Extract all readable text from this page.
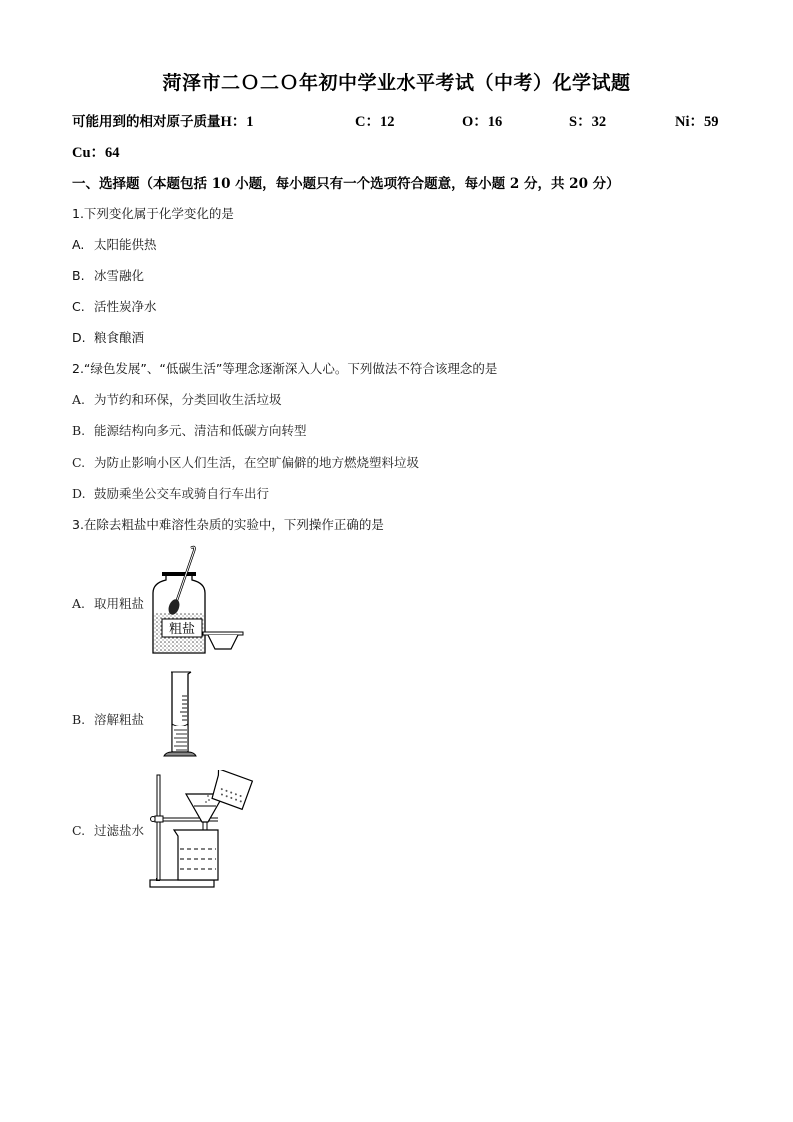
菏泽市二Ｏ二Ｏ年初中学业水平考试（中考）化学试题
可能用到的相对原子质量H：1	C：12	O：16	S：32	Ni：59
Cu：64
一、选择题（本题包括 10 小题，每小题只有一个选项符合题意，每小题 2 分，共 20 分）
1.下列变化属于化学变化的是
A. 太阳能供热
B. 冰雪融化
C. 活性炭净水
D. 粮食酿酒
2.“绿色发展”、“低碳生活”等理念逐渐深入人心。下列做法不符合该理念的是
A. 为节约和环保，分类回收生活垃圾
B. 能源结构向多元、清洁和低碳方向转型
C. 为防止影响小区人们生活，在空旷偏僻的地方燃烧塑料垃圾
D. 鼓励乘坐公交车或骑自行车出行
3.在除去粗盐中难溶性杂质的实验中，下列操作正确的是
A. 取用粗盐
粗盐
B. 溶解粗盐
C. 过滤盐水
